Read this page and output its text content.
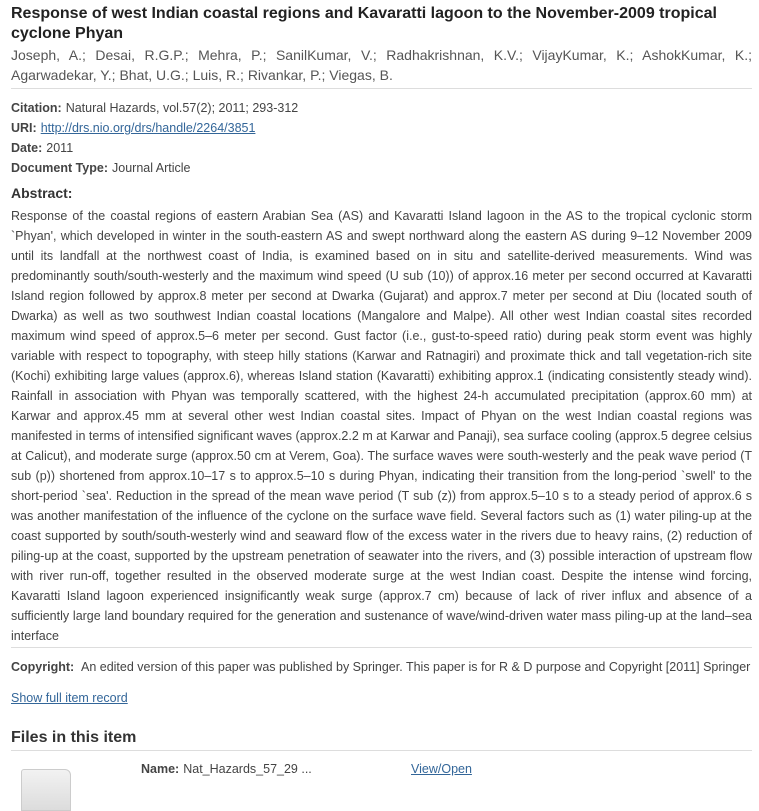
Response of west Indian coastal regions and Kavaratti lagoon to the November-2009 tropical cyclone Phyan
Joseph, A.; Desai, R.G.P.; Mehra, P.; SanilKumar, V.; Radhakrishnan, K.V.; VijayKumar, K.; AshokKumar, K.; Agarwadekar, Y.; Bhat, U.G.; Luis, R.; Rivankar, P.; Viegas, B.
Citation: Natural Hazards, vol.57(2); 2011; 293-312
URI: http://drs.nio.org/drs/handle/2264/3851
Date: 2011
Document Type: Journal Article
Abstract:
Response of the coastal regions of eastern Arabian Sea (AS) and Kavaratti Island lagoon in the AS to the tropical cyclonic storm `Phyan', which developed in winter in the south-eastern AS and swept northward along the eastern AS during 9–12 November 2009 until its landfall at the northwest coast of India, is examined based on in situ and satellite-derived measurements. Wind was predominantly south/south-westerly and the maximum wind speed (U sub (10)) of approx.16 meter per second occurred at Kavaratti Island region followed by approx.8 meter per second at Dwarka (Gujarat) and approx.7 meter per second at Diu (located south of Dwarka) as well as two southwest Indian coastal locations (Mangalore and Malpe). All other west Indian coastal sites recorded maximum wind speed of approx.5–6 meter per second. Gust factor (i.e., gust-to-speed ratio) during peak storm event was highly variable with respect to topography, with steep hilly stations (Karwar and Ratnagiri) and proximate thick and tall vegetation-rich site (Kochi) exhibiting large values (approx.6), whereas Island station (Kavaratti) exhibiting approx.1 (indicating consistently steady wind). Rainfall in association with Phyan was temporally scattered, with the highest 24-h accumulated precipitation (approx.60 mm) at Karwar and approx.45 mm at several other west Indian coastal sites. Impact of Phyan on the west Indian coastal regions was manifested in terms of intensified significant waves (approx.2.2 m at Karwar and Panaji), sea surface cooling (approx.5 degree celsius at Calicut), and moderate surge (approx.50 cm at Verem, Goa). The surface waves were south-westerly and the peak wave period (T sub (p)) shortened from approx.10–17 s to approx.5–10 s during Phyan, indicating their transition from the long-period `swell' to the short-period `sea'. Reduction in the spread of the mean wave period (T sub (z)) from approx.5–10 s to a steady period of approx.6 s was another manifestation of the influence of the cyclone on the surface wave field. Several factors such as (1) water piling-up at the coast supported by south/south-westerly wind and seaward flow of the excess water in the rivers due to heavy rains, (2) reduction of piling-up at the coast, supported by the upstream penetration of seawater into the rivers, and (3) possible interaction of upstream flow with river run-off, together resulted in the observed moderate surge at the west Indian coast. Despite the intense wind forcing, Kavaratti Island lagoon experienced insignificantly weak surge (approx.7 cm) because of lack of river influx and absence of a sufficiently large land boundary required for the generation and sustenance of wave/wind-driven water mass piling-up at the land–sea interface
Copyright: An edited version of this paper was published by Springer. This paper is for R & D purpose and Copyright [2011] Springer
Show full item record
Files in this item
Name: Nat_Hazards_57_29 ...	View/Open
